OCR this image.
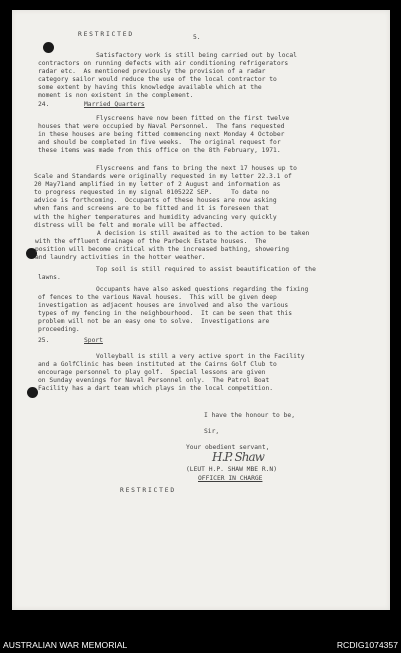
RESTRICTED	5.
Satisfactory work is still being carried out by local
contractors on running defects with air conditioning refrigerators
radar etc.  As mentioned previously the provision of a radar
category sailor would reduce the use of the local contractor to
some extent by having this knowledge available which at the
moment is non existent in the complement.
24.	Married Quarters
Flyscreens have now been fitted on the first twelve
houses that were occupied by Naval Personnel.  The fans requested
in these houses are being fitted commencing next Monday 4 October
and should be completed in five weeks.  The original request for
these items was made from this office on the 8th February, 1971.
Flyscreens and fans to bring the next 17 houses up to
Scale and Standards were originally requested in my letter 22.3.1 of
20 May71and amplified in my letter of 2 August and information as
to progress requested in my signal 010522Z SEP.     To date no
advice is forthcoming.  Occupants of these houses are now asking
when fans and screens are to be fitted and it is foreseen that
with the higher temperatures and humidity advancing very quickly
distress will be felt and morale will be affected.
A decision is still awaited as to the action to be taken
with the effluent drainage of the Parbeck Estate houses.  The
position will become critical with the increased bathing, showering
and laundry activities in the hotter weather.
Top soil is still required to assist beautification of the
lawns.
Occupants have also asked questions regarding the fixing
of fences to the various Naval houses.  This will be given deep
investigation as adjacent houses are involved and also the various
types of my fencing in the neighbourhood.  It can be seen that this
problem will not be an easy one to solve.  Investigations are
proceeding.
25.	Sport
Volleyball is still a very active sport in the Facility
and a GolfClinic has been instituted at the Cairns Golf Club to
encourage personnel to play golf.  Special lessons are given
on Sunday evenings for Naval Personnel only.  The Patrol Boat
Facility has a dart team which plays in the local competition.
I have the honour to be,
Sir,
Your obedient servant,
H.P. Shaw
(LEUT H.P. SHAW MBE R.N)
OFFICER IN CHARGE
RESTRICTED
AUSTRALIAN WAR MEMORIAL	RCDIG1074357
